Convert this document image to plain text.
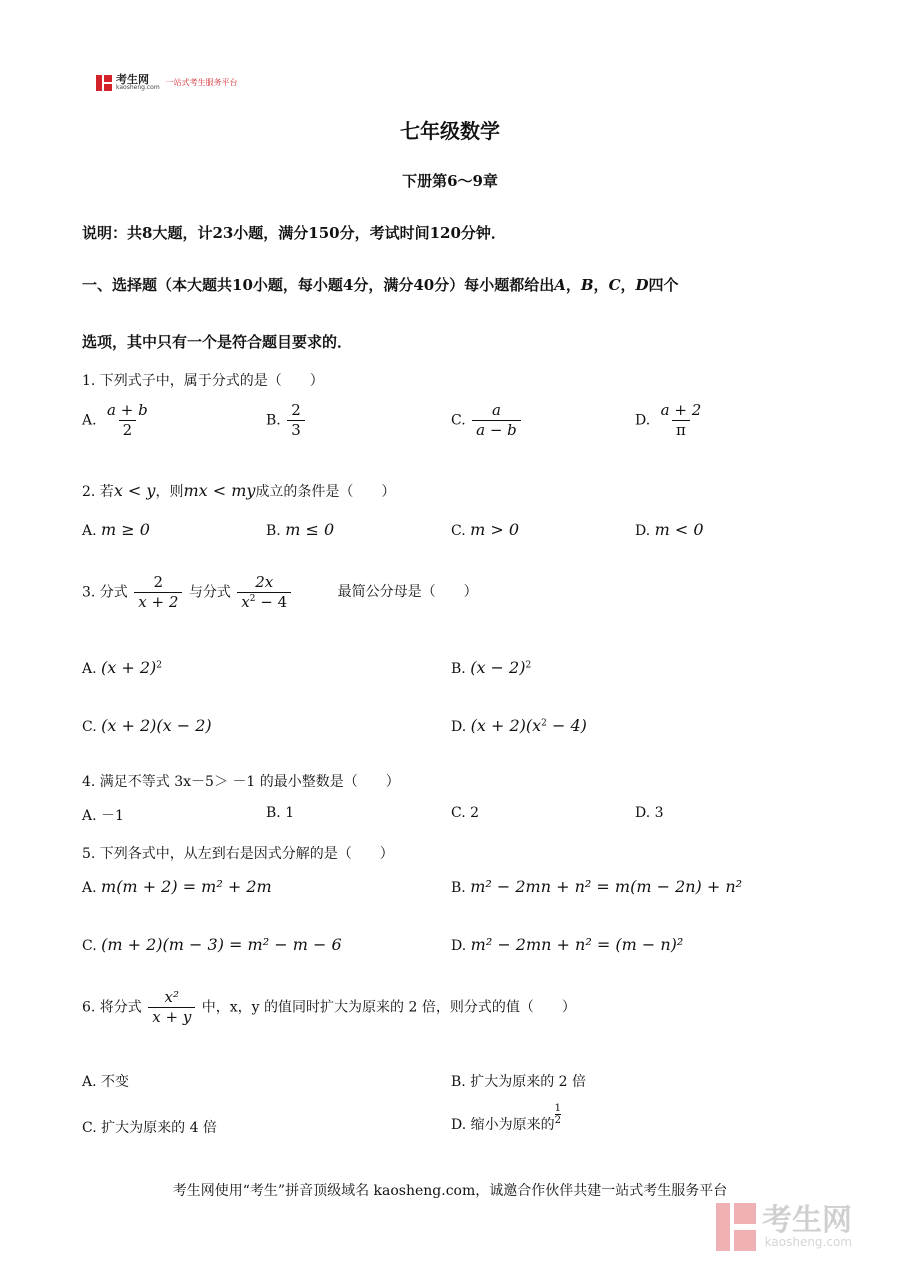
考生网
kaosheng.com
一站式考生服务平台
七年级数学
下册第6～9章
说明：共8大题，计23小题，满分150分，考试时间120分钟．
一、选择题（本大题共10小题，每小题4分，满分40分）每小题都给出A，B，C，D四个
选项，其中只有一个是符合题目要求的．
1. 下列式子中，属于分式的是（　　）
A. $\frac{a + b}{2}$	B. $\frac{2}{3}$	C. $\frac{a}{a - b}$	D. $\frac{a + 2}{\pi}$
2. 若x < y，则mx < my成立的条件是（　　）
A. m ≥ 0	B. m ≤ 0	C. m > 0	D. m < 0
3. 分式 $\frac{2}{x + 2}$ 与分式 $\frac{2x}{x^2 - 4}$	最简公分母是（　　）
A. $(x + 2)^2$	B. $(x - 2)^2$
C. (x + 2)(x − 2)	D. $(x + 2)(x^2 - 4)$
4. 满足不等式 3x－5＞ －1 的最小整数是（　　）
A. －1	B. 1	C. 2	D. 3
5. 下列各式中，从左到右是因式分解的是（　　）
A. m(m + 2) = m² + 2m	B. m² − 2mn + n² = m(m − 2n) + n²
C. (m + 2)(m − 3) = m² − m − 6	D. m² − 2mn + n² = (m − n)²
6. 将分式 $\frac{\text{x²}}{x + y}$ 中，x，y 的值同时扩大为原来的 2 倍，则分式的值（　　）
A. 不变	B. 扩大为原来的 2 倍
C. 扩大为原来的 4 倍	D. 缩小为原来的 $\frac{1}{2}$
考生网使用“考生”拼音顶级域名 kaosheng.com，诚邀合作伙伴共建一站式考生服务平台
考生网
kaosheng.com
